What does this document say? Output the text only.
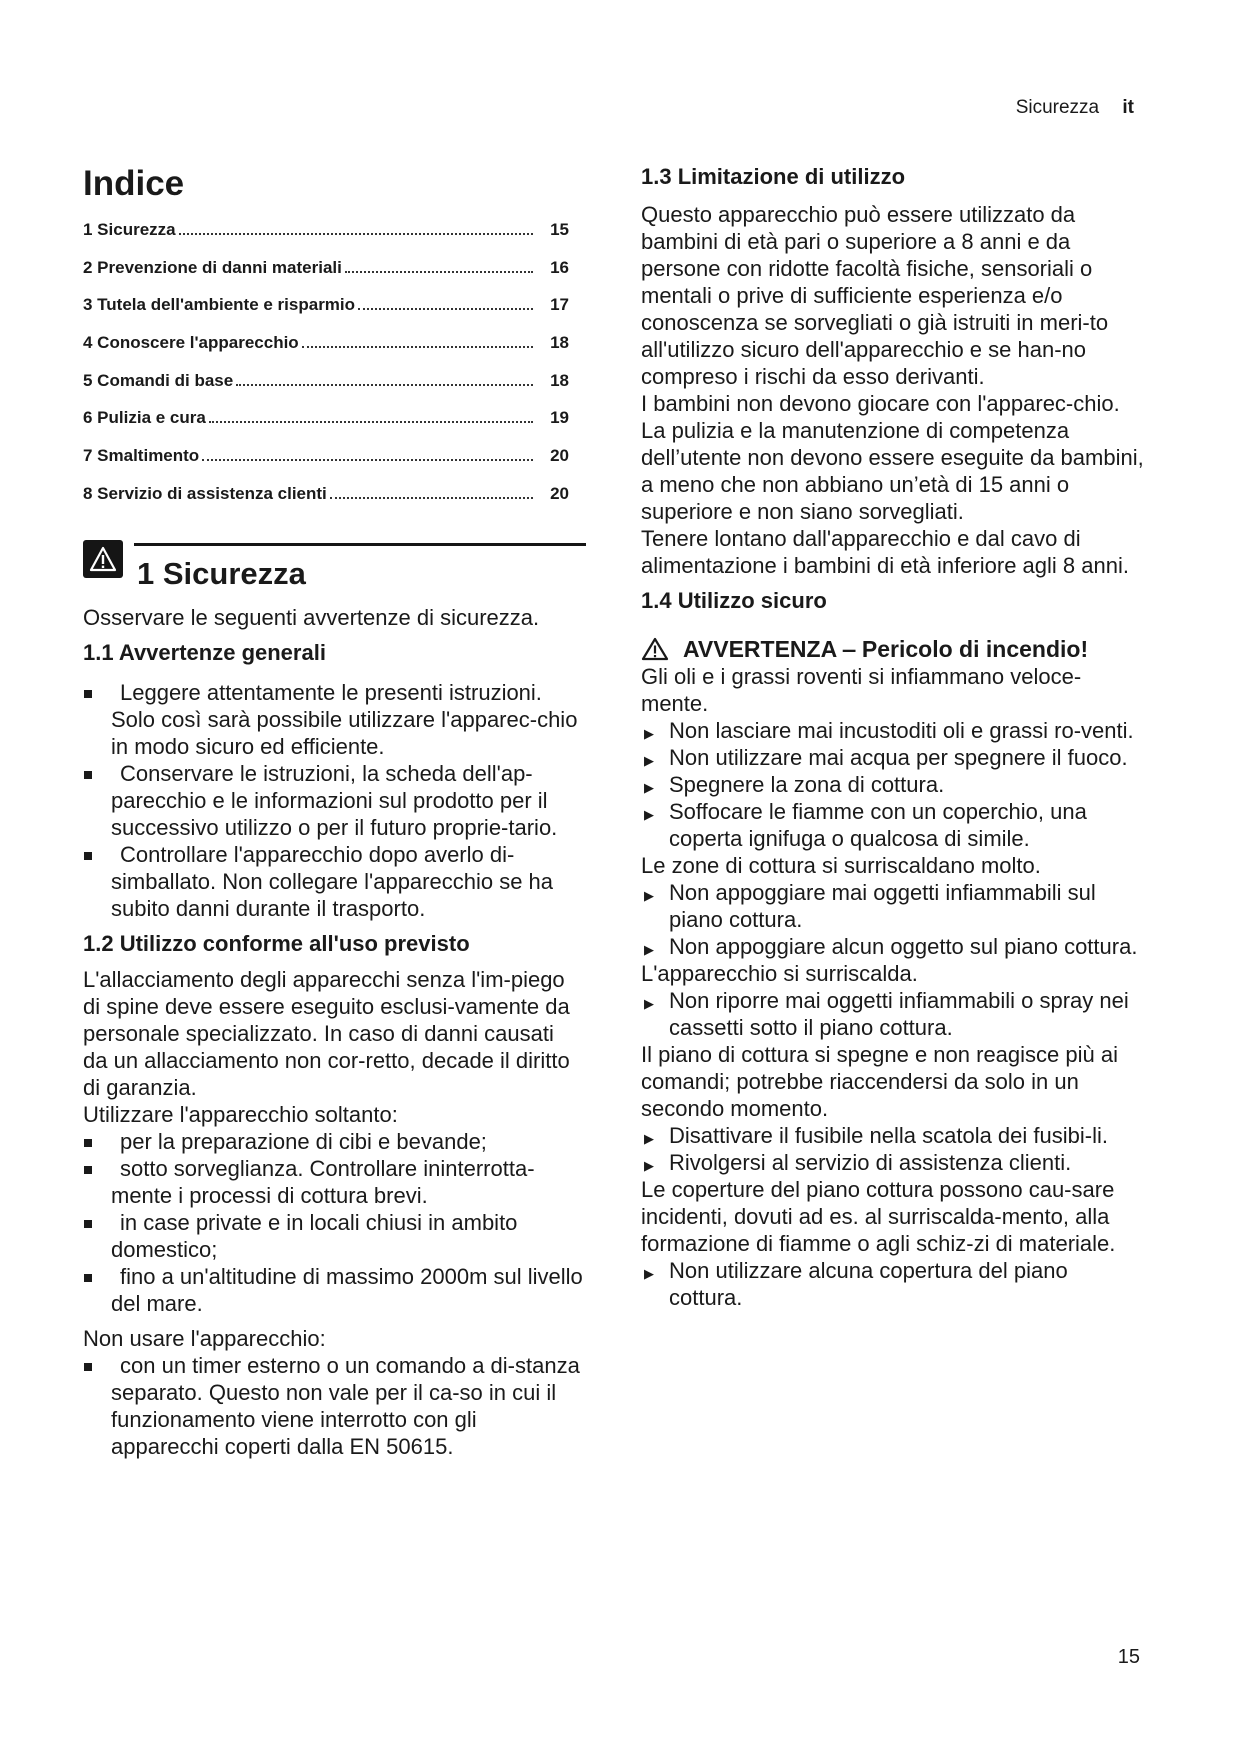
Sicurezza it
Indice
1 Sicurezza	15
2 Prevenzione di danni materiali	16
3 Tutela dell'ambiente e risparmio	17
4 Conoscere l'apparecchio	18
5 Comandi di base	18
6 Pulizia e cura	19
7 Smaltimento	20
8 Servizio di assistenza clienti	20
1 Sicurezza

Osservare le seguenti avvertenze di sicurezza.

1.1 Avvertenze generali
Leggere attentamente le presenti istruzioni. Solo così sarà possibile utilizzare l'apparec-chio in modo sicuro ed efficiente.
Conservare le istruzioni, la scheda dell'ap-parecchio e le informazioni sul prodotto per il successivo utilizzo o per il futuro proprie-tario.
Controllare l'apparecchio dopo averlo di-simballato. Non collegare l'apparecchio se ha subito danni durante il trasporto.
1.2 Utilizzo conforme all'uso previsto

L'allacciamento degli apparecchi senza l'im-piego di spine deve essere eseguito esclusi-vamente da personale specializzato. In caso di danni causati da un allacciamento non cor-retto, decade il diritto di garanzia.

Utilizzare l'apparecchio soltanto:

per la preparazione di cibi e bevande;
sotto sorveglianza. Controllare ininterrotta-mente i processi di cottura brevi.
in case private e in locali chiusi in ambito domestico;
fino a un'altitudine di massimo 2000m sul livello del mare.

Non usare l'apparecchio:

con un timer esterno o un comando a di-stanza separato. Questo non vale per il ca-so in cui il funzionamento viene interrotto con gli apparecchi coperti dalla EN 50615.
1.3 Limitazione di utilizzo

Questo apparecchio può essere utilizzato da bambini di età pari o superiore a 8 anni e da persone con ridotte facoltà fisiche, sensoriali o mentali o prive di sufficiente esperienza e/o conoscenza se sorvegliati o già istruiti in meri-to all'utilizzo sicuro dell'apparecchio e se han-no compreso i rischi da esso derivanti.

I bambini non devono giocare con l'apparec-chio.

La pulizia e la manutenzione di competenza dell’utente non devono essere eseguite da bambini, a meno che non abbiano un’età di 15 anni o superiore e non siano sorvegliati.

Tenere lontano dall'apparecchio e dal cavo di alimentazione i bambini di età inferiore agli 8 anni.

1.4 Utilizzo sicuro
AVVERTENZA ‒ Pericolo di incendio!

Gli oli e i grassi roventi si infiammano veloce-mente.

▶ Non lasciare mai incustoditi oli e grassi ro-venti.
▶ Non utilizzare mai acqua per spegnere il fuoco.
▶ Spegnere la zona di cottura.
▶ Soffocare le fiamme con un coperchio, una coperta ignifuga o qualcosa di simile.

Le zone di cottura si surriscaldano molto.

▶ Non appoggiare mai oggetti infiammabili sul piano cottura.
▶ Non appoggiare alcun oggetto sul piano cottura.

L'apparecchio si surriscalda.

▶ Non riporre mai oggetti infiammabili o spray nei cassetti sotto il piano cottura.

Il piano di cottura si spegne e non reagisce più ai comandi; potrebbe riaccendersi da solo in un secondo momento.

▶ Disattivare il fusibile nella scatola dei fusibi-li.
▶ Rivolgersi al servizio di assistenza clienti.

Le coperture del piano cottura possono cau-sare incidenti, dovuti ad es. al surriscalda-mento, alla formazione di fiamme o agli schiz-zi di materiale.

▶ Non utilizzare alcuna copertura del piano cottura.
15
